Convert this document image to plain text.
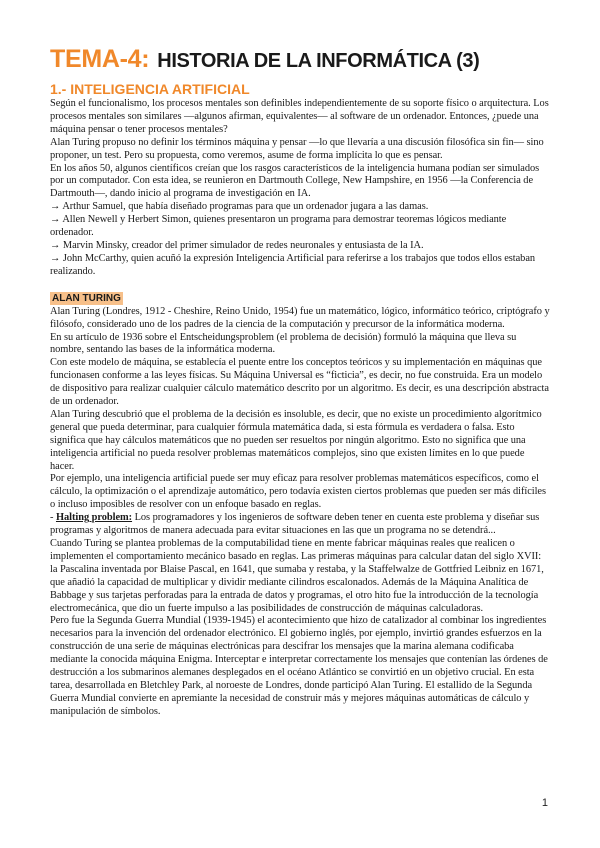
TEMA-4: HISTORIA DE LA INFORMÁTICA (3)
1.- INTELIGENCIA ARTIFICIAL

Según el funcionalismo, los procesos mentales son definibles independientemente de su soporte físico o arquitectura. Los procesos mentales son similares —algunos afirman, equivalentes— al software de un ordenador. Entonces, ¿puede una máquina pensar o tener procesos mentales?

Alan Turing propuso no definir los términos máquina y pensar —lo que llevaría a una discusión filosófica sin fin— sino proponer, un test. Pero su propuesta, como veremos, asume de forma implícita lo que es pensar.

En los años 50, algunos científicos creían que los rasgos característicos de la inteligencia humana podían ser simulados por un computador. Con esta idea, se reunieron en Dartmouth College, New Hampshire, en 1956 —la Conferencia de Dartmouth—, dando inicio al programa de investigación en IA.

→ Arthur Samuel, que había diseñado programas para que un ordenador jugara a las damas.

→ Allen Newell y Herbert Simon, quienes presentaron un programa para demostrar teoremas lógicos mediante ordenador.

→ Marvin Minsky, creador del primer simulador de redes neuronales y entusiasta de la IA.

→ John McCarthy, quien acuñó la expresión Inteligencia Artificial para referirse a los trabajos que todos ellos estaban realizando.

ALAN TURING

Alan Turing (Londres, 1912 - Cheshire, Reino Unido, 1954) fue un matemático, lógico, informático teórico, criptógrafo y filósofo, considerado uno de los padres de la ciencia de la computación y precursor de la informática moderna.

En su artículo de 1936 sobre el Entscheidungsproblem (el problema de decisión) formuló la máquina que lleva su nombre, sentando las bases de la informática moderna.

Con este modelo de máquina, se establecía el puente entre los conceptos teóricos y su implementación en máquinas que funcionasen conforme a las leyes físicas. Su Máquina Universal es “ficticia”, es decir, no fue construida. Era un modelo de dispositivo para realizar cualquier cálculo matemático descrito por un algoritmo. Es decir, es una descripción abstracta de un ordenador.

Alan Turing descubrió que el problema de la decisión es insoluble, es decir, que no existe un procedimiento algorítmico general que pueda determinar, para cualquier fórmula matemática dada, si esta fórmula es verdadera o falsa. Esto significa que hay cálculos matemáticos que no pueden ser resueltos por ningún algoritmo. Esto no significa que una inteligencia artificial no pueda resolver problemas matemáticos complejos, sino que existen límites en lo que puede hacer.

Por ejemplo, una inteligencia artificial puede ser muy eficaz para resolver problemas matemáticos específicos, como el cálculo, la optimización o el aprendizaje automático, pero todavía existen ciertos problemas que pueden ser más difíciles o incluso imposibles de resolver con un enfoque basado en reglas.

- Halting problem: Los programadores y los ingenieros de software deben tener en cuenta este problema y diseñar sus programas y algoritmos de manera adecuada para evitar situaciones en las que un programa no se detendrá...

Cuando Turing se plantea problemas de la computabilidad tiene en mente fabricar máquinas reales que realicen o implementen el comportamiento mecánico basado en reglas. Las primeras máquinas para calcular datan del siglo XVII: la Pascalina inventada por Blaise Pascal, en 1641, que sumaba y restaba, y la Staffelwalze de Gottfried Leibniz en 1671, que añadió la capacidad de multiplicar y dividir mediante cilindros escalonados. Además de la Máquina Analítica de Babbage y sus tarjetas perforadas para la entrada de datos y programas, el otro hito fue la introducción de la tecnología electromecánica, que dio un fuerte impulso a las posibilidades de construcción de máquinas calculadoras.

Pero fue la Segunda Guerra Mundial (1939-1945) el acontecimiento que hizo de catalizador al combinar los ingredientes necesarios para la invención del ordenador electrónico. El gobierno inglés, por ejemplo, invirtió grandes esfuerzos en la construcción de una serie de máquinas electrónicas para descifrar los mensajes que la marina alemana codificaba mediante la conocida máquina Enigma. Interceptar e interpretar correctamente los mensajes que contenían las órdenes de destrucción a los submarinos alemanes desplegados en el océano Atlántico se convirtió en un objetivo crucial. En esta tarea, desarrollada en Bletchley Park, al noroeste de Londres, donde participó Alan Turing. El estallido de la Segunda Guerra Mundial convierte en apremiante la necesidad de construir más y mejores máquinas automáticas de cálculo y manipulación de símbolos.

1
